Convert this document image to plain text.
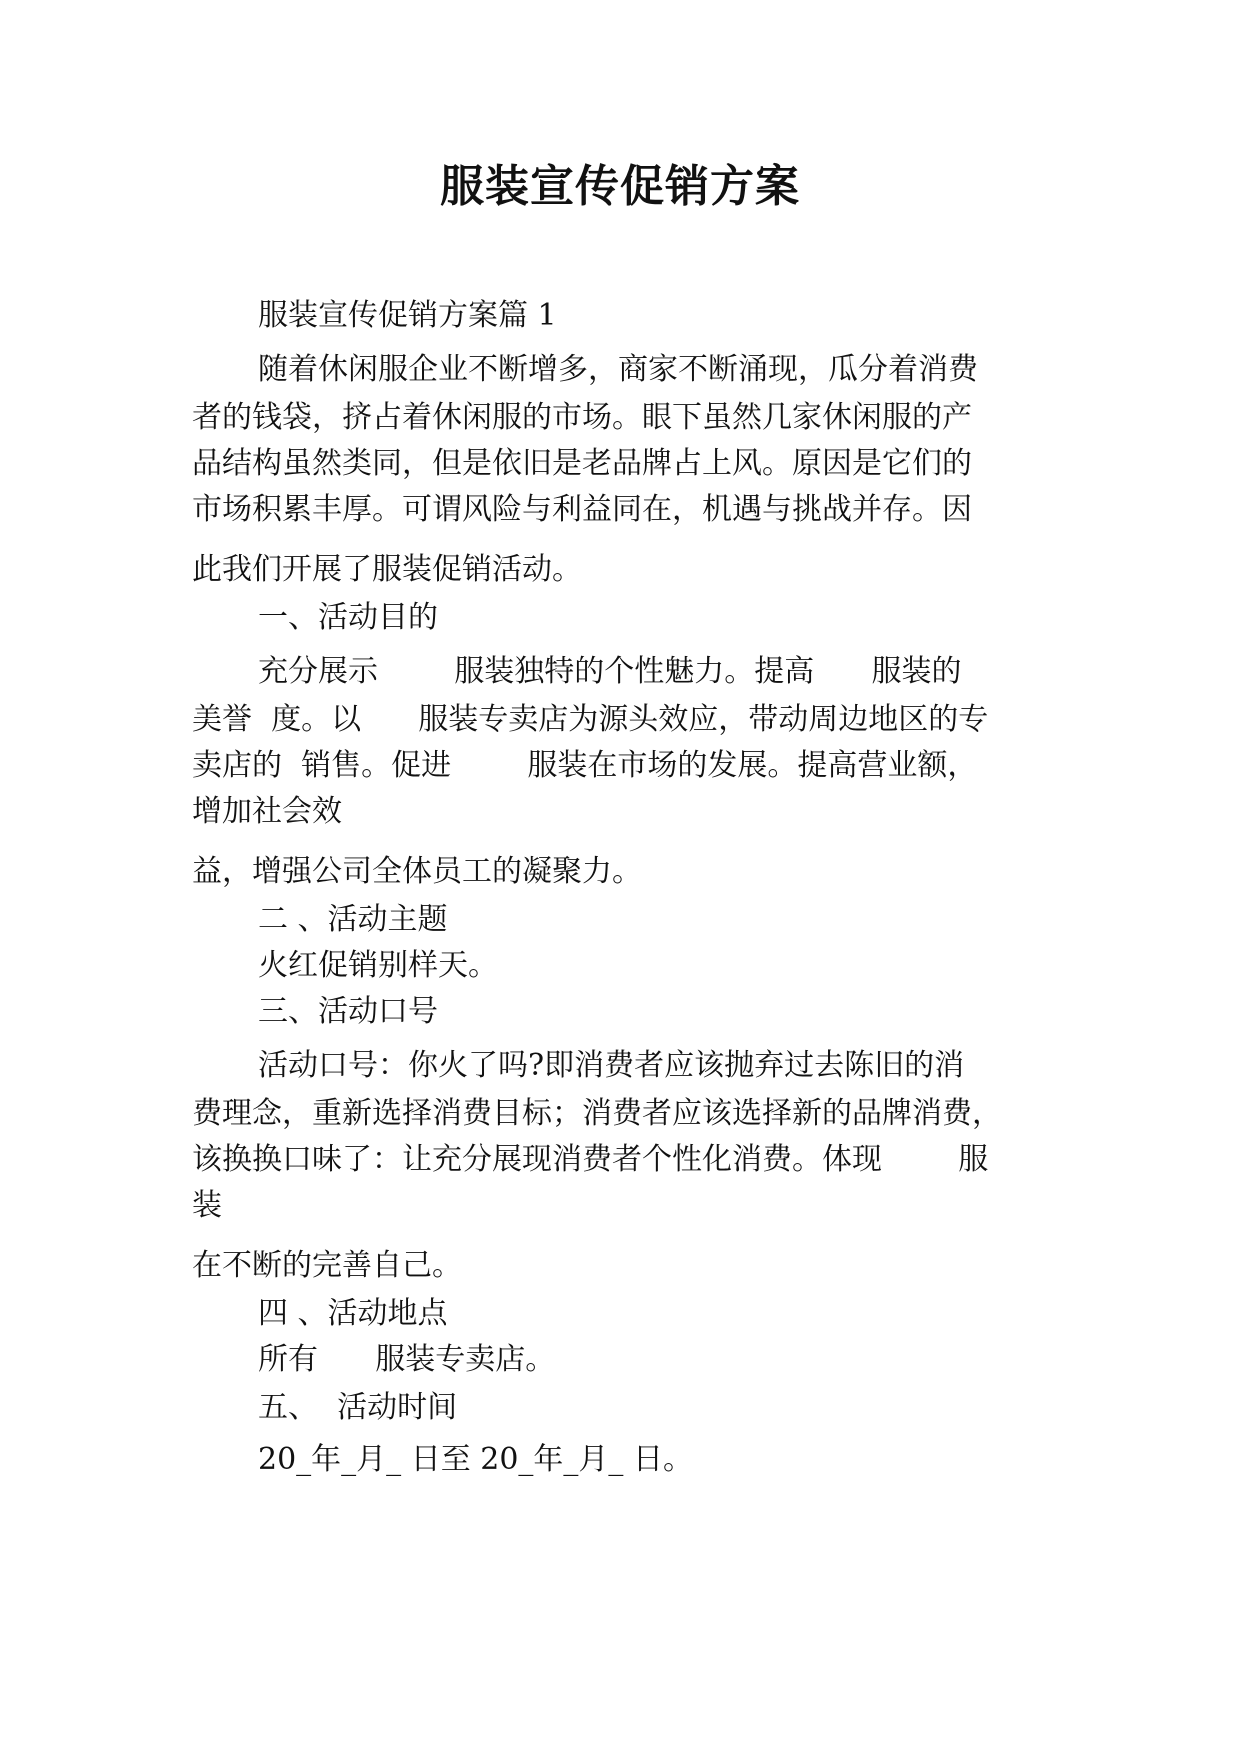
服装宣传促销方案

服装宣传促销方案篇 1

随着休闲服企业不断增多，商家不断涌现，瓜分着消费

者的钱袋，挤占着休闲服的市场。眼下虽然几家休闲服的产

品结构虽然类同，但是依旧是老品牌占上风。原因是它们的

市场积累丰厚。可谓风险与利益同在，机遇与挑战并存。因

此我们开展了服装促销活动。

一、活动目的

充分展示        服装独特的个性魅力。提高      服装的

美誉  度。以      服装专卖店为源头效应，带动周边地区的专

卖店的  销售。促进        服装在市场的发展。提高营业额，

增加社会效

益，增强公司全体员工的凝聚力。

二 、活动主题

火红促销别样天。

三、活动口号

活动口号：你火了吗?即消费者应该抛弃过去陈旧的消

费理念，重新选择消费目标；消费者应该选择新的品牌消费，

该换换口味了：让充分展现消费者个性化消费。体现        服

装

在不断的完善自己。

四 、活动地点

所有      服装专卖店。

五、  活动时间

20_年_月_ 日至 20_年_月_ 日。
